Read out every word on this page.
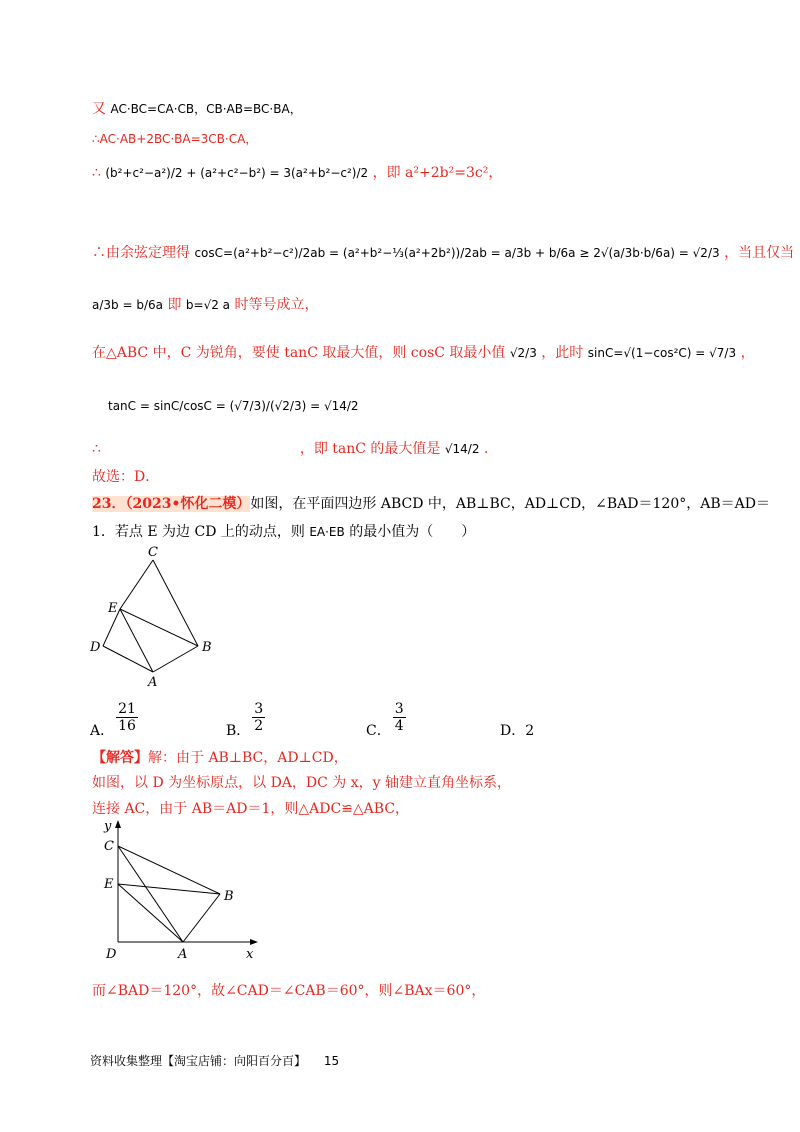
又 AC·BC=CA·CB，CB·AB=BC·BA，
∴AC·AB+2BC·BA=3CB·CA，
∴ (b²+c²−a²)/2 + (a²+c²−b²) = 3(a²+b²−c²)/2 ，即 a²+2b²=3c²，
∴由余弦定理得 cosC=(a²+b²−c²)/2ab = (a²+b²−⅓(a²+2b²))/2ab = a/3b + b/6a ≥ 2√(a/3b·b/6a) = √2/3 ，当且仅当
a/3b = b/6a 即 b=√2 a 时等号成立，
在△ABC 中，C 为锐角，要使 tanC 取最大值，则 cosC 取最小值 √2/3 ，此时 sinC=√(1−cos²C) = √7/3 ，
tanC = sinC/cosC = (√7/3)/(√2/3) = √14/2
∴	，即 tanC 的最大值是 √14/2 ．
故选：D．
23．（2023•怀化二模）如图，在平面四边形 ABCD 中，AB⊥BC，AD⊥CD，∠BAD＝120°，AB＝AD＝
1．若点 E 为边 CD 上的动点，则 EA·EB 的最小值为（　　）
C
E
D	B
A
A． $\frac{21}{16}$	B． $\frac{3}{2}$	C． $\frac{3}{4}$	D．2
【解答】解：由于 AB⊥BC，AD⊥CD，
如图，以 D 为坐标原点，以 DA，DC 为 x，y 轴建立直角坐标系，
连接 AC，由于 AB＝AD＝1，则△ADC≌△ABC，
y
C
E
B
D	A	x
而∠BAD＝120°，故∠CAD＝∠CAB＝60°，则∠BAx＝60°，
资料收集整理【淘宝店铺：向阳百分百】 15
